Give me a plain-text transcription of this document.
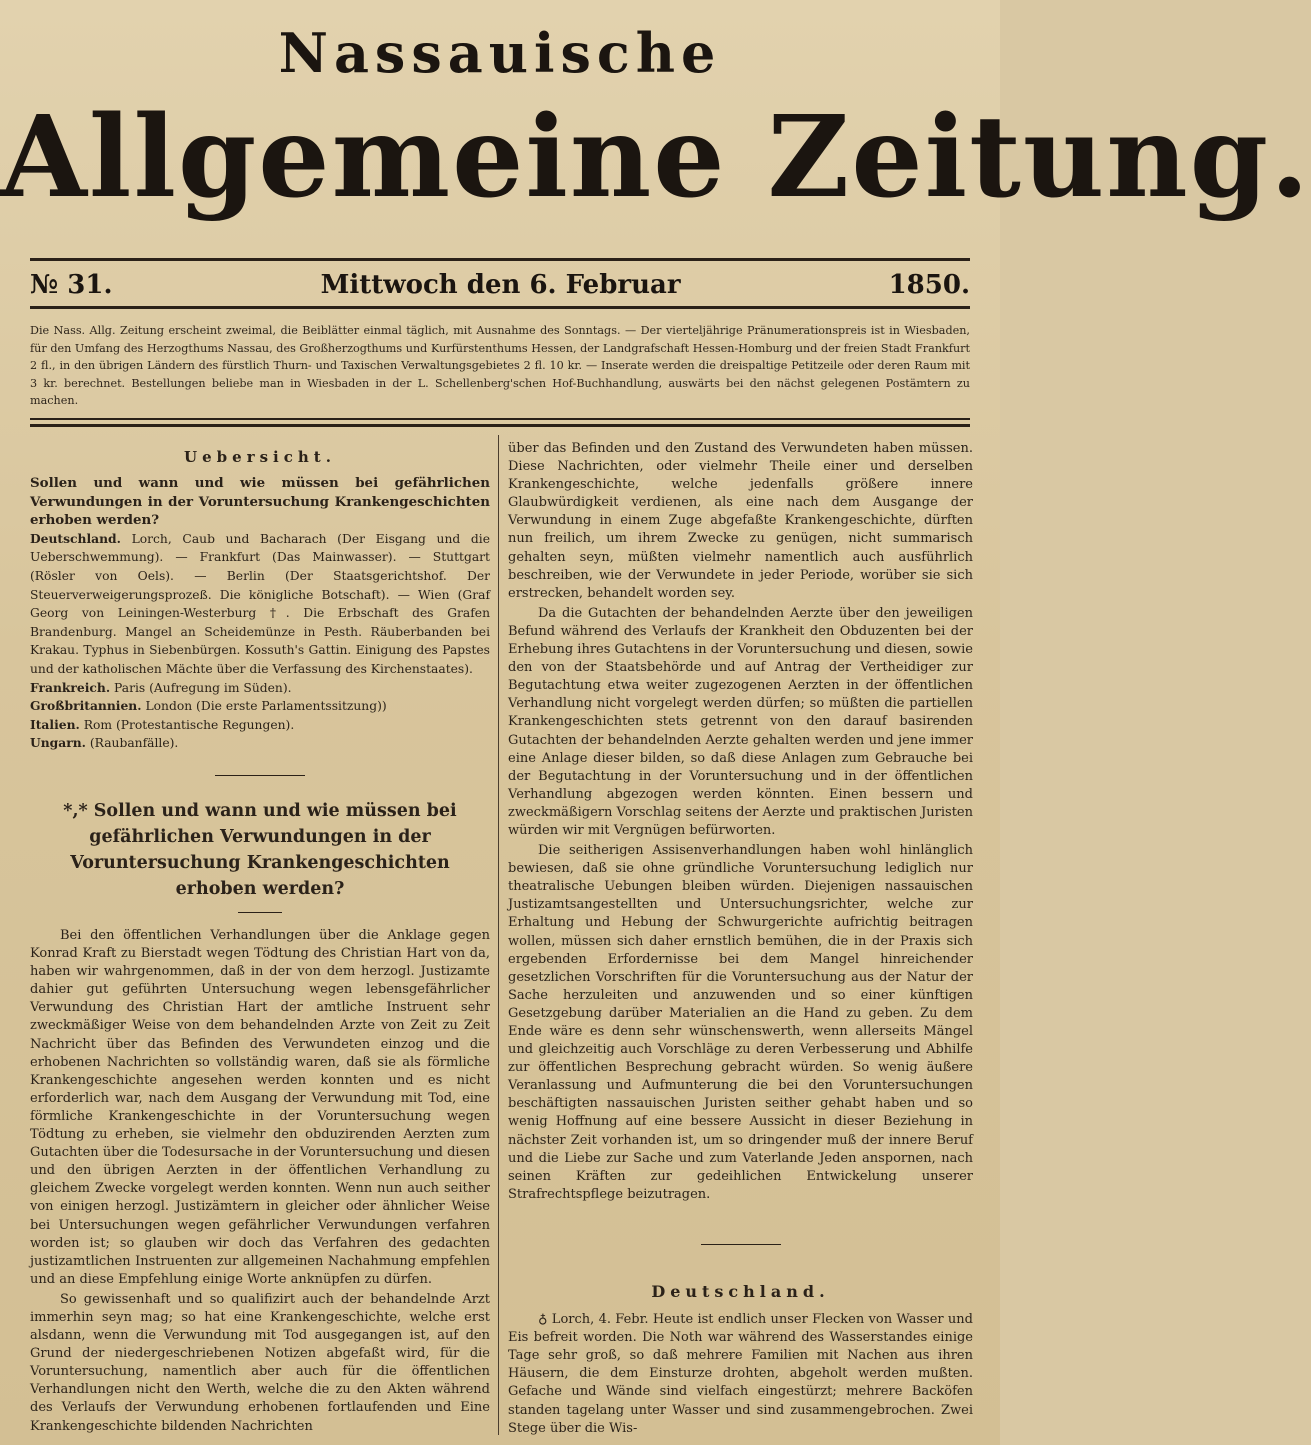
Nassauische
Allgemeine Zeitung.
№ 31.	Mittwoch den 6. Februar	1850.
Die Nass. Allg. Zeitung erscheint zweimal, die Beiblätter einmal täglich, mit Ausnahme des Sonntags. — Der vierteljährige Pränumerationspreis ist in Wiesbaden, für den Umfang des Herzogthums Nassau, des Großherzogthums und Kurfürstenthums Hessen, der Landgrafschaft Hessen-Homburg und der freien Stadt Frankfurt 2 fl., in den übrigen Ländern des fürstlich Thurn- und Taxischen Verwaltungsgebietes 2 fl. 10 kr. — Inserate werden die dreispaltige Petitzeile oder deren Raum mit 3 kr. berechnet. Bestellungen beliebe man in Wiesbaden in der L. Schellenberg'schen Hof-Buchhandlung, auswärts bei den nächst gelegenen Postämtern zu machen.
Uebersicht.

Sollen und wann und wie müssen bei gefährlichen Verwundungen in der Voruntersuchung Krankengeschichten erhoben werden?

Deutschland. Lorch, Caub und Bacharach (Der Eisgang und die Ueberschwemmung). — Frankfurt (Das Mainwasser). — Stuttgart (Rösler von Oels). — Berlin (Der Staatsgerichtshof. Der Steuerverweigerungsprozeß. Die königliche Botschaft). — Wien (Graf Georg von Leiningen-Westerburg †. Die Erbschaft des Grafen Brandenburg. Mangel an Scheidemünze in Pesth. Räuberbanden bei Krakau. Typhus in Siebenbürgen. Kossuth's Gattin. Einigung des Papstes und der katholischen Mächte über die Verfassung des Kirchenstaates).

Frankreich. Paris (Aufregung im Süden).

Großbritannien. London (Die erste Parlamentssitzung))

Italien. Rom (Protestantische Regungen).

Ungarn. (Raubanfälle).

*,* Sollen und wann und wie müssen bei gefährlichen Verwundungen in der Voruntersuchung Krankengeschichten erhoben werden?

Bei den öffentlichen Verhandlungen über die Anklage gegen Konrad Kraft zu Bierstadt wegen Tödtung des Christian Hart von da, haben wir wahrgenommen, daß in der von dem herzogl. Justizamte dahier gut geführten Untersuchung wegen lebensgefährlicher Verwundung des Christian Hart der amtliche Instruent sehr zweckmäßiger Weise von dem behandelnden Arzte von Zeit zu Zeit Nachricht über das Befinden des Verwundeten einzog und die erhobenen Nachrichten so vollständig waren, daß sie als förmliche Krankengeschichte angesehen werden konnten und es nicht erforderlich war, nach dem Ausgang der Verwundung mit Tod, eine förmliche Krankengeschichte in der Voruntersuchung wegen Tödtung zu erheben, sie vielmehr den obduzirenden Aerzten zum Gutachten über die Todesursache in der Voruntersuchung und diesen und den übrigen Aerzten in der öffentlichen Verhandlung zu gleichem Zwecke vorgelegt werden konnten. Wenn nun auch seither von einigen herzogl. Justizämtern in gleicher oder ähnlicher Weise bei Untersuchungen wegen gefährlicher Verwundungen verfahren worden ist; so glauben wir doch das Verfahren des gedachten justizamtlichen Instruenten zur allgemeinen Nachahmung empfehlen und an diese Empfehlung einige Worte anknüpfen zu dürfen.

So gewissenhaft und so qualifizirt auch der behandelnde Arzt immerhin seyn mag; so hat eine Krankengeschichte, welche erst alsdann, wenn die Verwundung mit Tod ausgegangen ist, auf den Grund der niedergeschriebenen Notizen abgefaßt wird, für die Voruntersuchung, namentlich aber auch für die öffentlichen Verhandlungen nicht den Werth, welche die zu den Akten während des Verlaufs der Verwundung erhobenen fortlaufenden und Eine Krankengeschichte bildenden Nachrichten

über das Befinden und den Zustand des Verwundeten haben müssen. Diese Nachrichten, oder vielmehr Theile einer und derselben Krankengeschichte, welche jedenfalls größere innere Glaubwürdigkeit verdienen, als eine nach dem Ausgange der Verwundung in einem Zuge abgefaßte Krankengeschichte, dürften nun freilich, um ihrem Zwecke zu genügen, nicht summarisch gehalten seyn, müßten vielmehr namentlich auch ausführlich beschreiben, wie der Verwundete in jeder Periode, worüber sie sich erstrecken, behandelt worden sey.

Da die Gutachten der behandelnden Aerzte über den jeweiligen Befund während des Verlaufs der Krankheit den Obduzenten bei der Erhebung ihres Gutachtens in der Voruntersuchung und diesen, sowie den von der Staatsbehörde und auf Antrag der Vertheidiger zur Begutachtung etwa weiter zugezogenen Aerzten in der öffentlichen Verhandlung nicht vorgelegt werden dürfen; so müßten die partiellen Krankengeschichten stets getrennt von den darauf basirenden Gutachten der behandelnden Aerzte gehalten werden und jene immer eine Anlage dieser bilden, so daß diese Anlagen zum Gebrauche bei der Begutachtung in der Voruntersuchung und in der öffentlichen Verhandlung abgezogen werden könnten. Einen bessern und zweckmäßigern Vorschlag seitens der Aerzte und praktischen Juristen würden wir mit Vergnügen befürworten.

Die seitherigen Assisenverhandlungen haben wohl hinlänglich bewiesen, daß sie ohne gründliche Voruntersuchung lediglich nur theatralische Uebungen bleiben würden. Diejenigen nassauischen Justizamtsangestellten und Untersuchungsrichter, welche zur Erhaltung und Hebung der Schwurgerichte aufrichtig beitragen wollen, müssen sich daher ernstlich bemühen, die in der Praxis sich ergebenden Erfordernisse bei dem Mangel hinreichender gesetzlichen Vorschriften für die Voruntersuchung aus der Natur der Sache herzuleiten und anzuwenden und so einer künftigen Gesetzgebung darüber Materialien an die Hand zu geben. Zu dem Ende wäre es denn sehr wünschenswerth, wenn allerseits Mängel und gleichzeitig auch Vorschläge zu deren Verbesserung und Abhilfe zur öffentlichen Besprechung gebracht würden. So wenig äußere Veranlassung und Aufmunterung die bei den Voruntersuchungen beschäftigten nassauischen Juristen seither gehabt haben und so wenig Hoffnung auf eine bessere Aussicht in dieser Beziehung in nächster Zeit vorhanden ist, um so dringender muß der innere Beruf und die Liebe zur Sache und zum Vaterlande Jeden anspornen, nach seinen Kräften zur gedeihlichen Entwickelung unserer Strafrechtspflege beizutragen.

Deutschland.

♁ Lorch, 4. Febr. Heute ist endlich unser Flecken von Wasser und Eis befreit worden. Die Noth war während des Wasserstandes einige Tage sehr groß, so daß mehrere Familien mit Nachen aus ihren Häusern, die dem Einsturze drohten, abgeholt werden mußten. Gefache und Wände sind vielfach eingestürzt; mehrere Backöfen standen tagelang unter Wasser und sind zusammengebrochen. Zwei Stege über die Wis-
